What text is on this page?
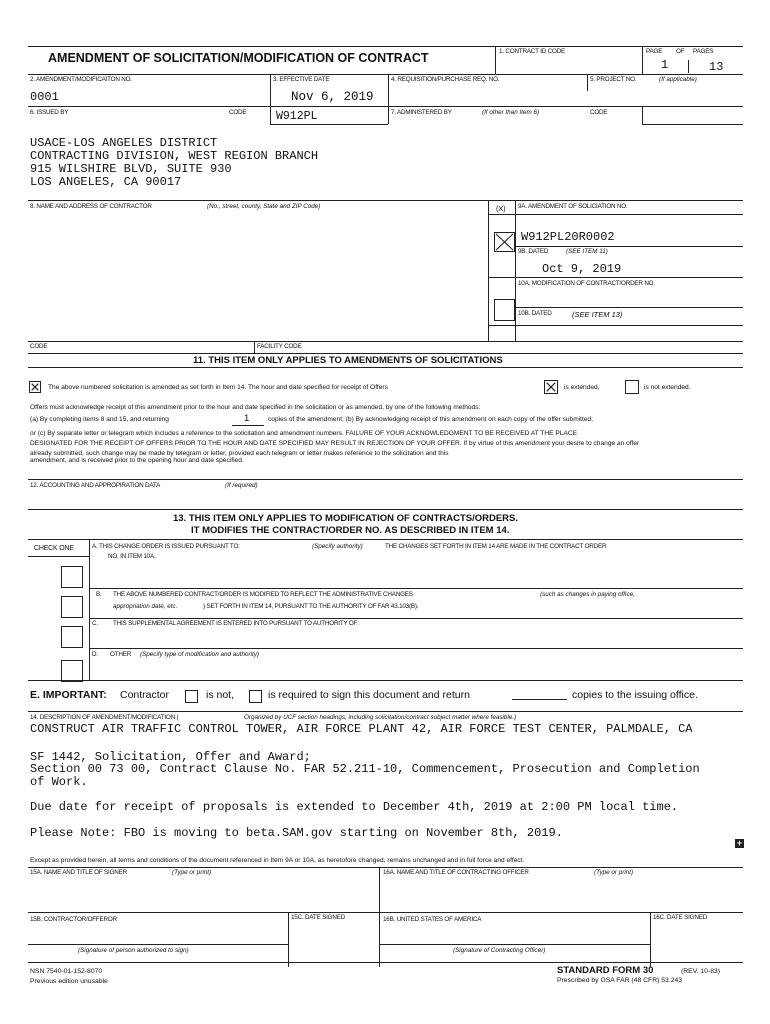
AMENDMENT OF SOLICITATION/MODIFICATION OF CONTRACT	1. CONTRACT ID CODE	PAGE OF PAGES
1	13
2. AMENDMENT/MODIFICAITON NO.
0001
3. EFFECTIVE DATE
Nov 6, 2019
4. REQUISITION/PURCHASE REQ. NO.	5. PROJECT NO.	(If applicable)
6. ISSUED BY	CODE	W912PL	7. ADMINISTERED BY	(If other than Item 6)	CODE
USACE-LOS ANGELES DISTRICT
CONTRACTING DIVISION, WEST REGION BRANCH
915 WILSHIRE BLVD, SUITE 930
LOS ANGELES, CA 90017
8. NAME AND ADDRESS OF CONTRACTOR	(No., street, county, State and ZIP Code)	(X) 9A. AMENDMENT OF SOLICIATION NO.
W912PL20R0002
9B. DATED	(SEE ITEM 11)
Oct 9, 2019
10A. MODIFICATION OF CONTRACT/ORDER NO.
10B. DATED	(SEE ITEM 13)
CODE	FACILITY CODE
11. THIS ITEM ONLY APPLIES TO AMENDMENTS OF SOLICITATIONS
The above numbered solicitation is amended as set forth in Item 14. The hour and date specified for receipt of Offers	is extended,	is not extended.
Offers must acknowledge receipt of this amendment prior to the hour and date specified in the solicitation or as amended, by one of the following methods:
(a) By completing items 8 and 15, and returning	1	copies of the amendment; (b) By acknowledging receipt of this amendment on each copy of the offer submitted;
or (c) By separate letter or telegram which includes a reference to the solicitation and amendment numbers. FAILURE OF YOUR ACKNOWLEDGMENT TO BE RECEIVED AT THE PLACE
DESIGNATED FOR THE RECEIPT OF OFFERS PRIOR TO THE HOUR AND DATE SPECIFIED MAY RESULT IN REJECTION OF YOUR OFFER. If by virtue of this amendment your desire to change an offer
already submitted, such change may be made by telegram or letter, provided each telegram or letter makes reference to the solicitation and this
amendment, and is received prior to the opening hour and date specified.
12. ACCOUNTING AND APPROPIRATION DATA	(If required)
13. THIS ITEM ONLY APPLIES TO MODIFICATION OF CONTRACTS/ORDERS.
IT MODIFIES THE CONTRACT/ORDER NO. AS DESCRIBED IN ITEM 14.
CHECK ONE	A. THIS CHANGE ORDER IS ISSUED PURSUANT TO:	(Specify authority)	THE CHANGES SET FORTH IN ITEM 14 ARE MADE IN THE CONTRACT ORDER
NO. IN ITEM 10A.
B. THE ABOVE NUMBERED CONTRACT/ORDER IS MODIFIED TO REFLECT THE ADMINISTRATIVE CHANGES	(such as changes in paying office,
appropriation date, etc.	) SET FORTH IN ITEM 14, PURSUANT TO THE AUTHORITY OF FAR 43.103(B).
C. THIS SUPPLEMENTAL AGREEMENT IS ENTERED INTO PURSUANT TO AUTHORITY OF:
D. OTHER (Specify type of modification and authority)
E. IMPORTANT: Contractor	is not,	is required to sign this document and return	copies to the issuing office.
14. DESCRIPTION OF AMENDMENT/MODIFICATION (	Organized by UCF section headings, including solicitation/contract subject matter where feasible.)
CONSTRUCT AIR TRAFFIC CONTROL TOWER, AIR FORCE PLANT 42, AIR FORCE TEST CENTER, PALMDALE, CA
SF 1442, Solicitation, Offer and Award;
Section 00 73 00, Contract Clause No. FAR 52.211-10, Commencement, Prosecution and Completion
of Work.
Due date for receipt of proposals is extended to December 4th, 2019 at 2:00 PM local time.
Please Note: FBO is moving to beta.SAM.gov starting on November 8th, 2019.
+
Except as provided herein, all terms and conditions of the document referenced in Item 9A or 10A, as heretofore changed, remains unchanged and in full force and effect.
15A. NAME AND TITLE OF SIGNER	(Type or print)	16A. NAME AND TITLE OF CONTRACTING OFFICER	(Type or print)
15B. CONTRACTOR/OFFEROR	15C. DATE SIGNED	16B. UNITED STATES OF AMERICA	16C. DATE SIGNED
(Signature of person authorized to sign)	(Signature of Contracting Officer)
NSN 7540-01-152-8070
Previous edition unusable
STANDARD FORM 30	(REV. 10-83)
Prescribed by GSA FAR (48 CFR) 53.243
